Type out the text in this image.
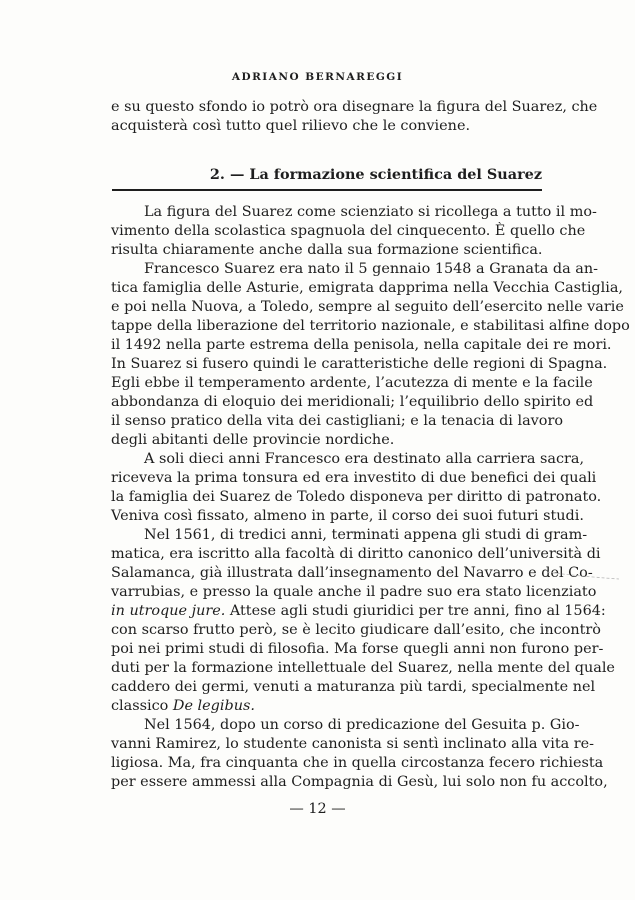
ADRIANO BERNAREGGI
e su questo sfondo io potrò ora disegnare la figura del Suarez, che
acquisterà così tutto quel rilievo che le conviene.
2. — La formazione scientifica del Suarez
La figura del Suarez come scienziato si ricollega a tutto il mo-
vimento della scolastica spagnuola del cinquecento. È quello che
risulta chiaramente anche dalla sua formazione scientifica.
Francesco Suarez era nato il 5 gennaio 1548 a Granata da an-
tica famiglia delle Asturie, emigrata dapprima nella Vecchia Castiglia,
e poi nella Nuova, a Toledo, sempre al seguito dell’esercito nelle varie
tappe della liberazione del territorio nazionale, e stabilitasi alfine dopo
il 1492 nella parte estrema della penisola, nella capitale dei re mori.
In Suarez si fusero quindi le caratteristiche delle regioni di Spagna.
Egli ebbe il temperamento ardente, l’acutezza di mente e la facile
abbondanza di eloquio dei meridionali; l’equilibrio dello spirito ed
il senso pratico della vita dei castigliani; e la tenacia di lavoro
degli abitanti delle provincie nordiche.
A soli dieci anni Francesco era destinato alla carriera sacra,
riceveva la prima tonsura ed era investito di due benefici dei quali
la famiglia dei Suarez de Toledo disponeva per diritto di patronato.
Veniva così fissato, almeno in parte, il corso dei suoi futuri studi.
Nel 1561, di tredici anni, terminati appena gli studi di gram-
matica, era iscritto alla facoltà di diritto canonico dell’università di
Salamanca, già illustrata dall’insegnamento del Navarro e del Co-
varrubias, e presso la quale anche il padre suo era stato licenziato
in utroque jure. Attese agli studi giuridici per tre anni, fino al 1564:
con scarso frutto però, se è lecito giudicare dall’esito, che incontrò
poi nei primi studi di filosofia. Ma forse quegli anni non furono per-
duti per la formazione intellettuale del Suarez, nella mente del quale
caddero dei germi, venuti a maturanza più tardi, specialmente nel
classico De legibus.
Nel 1564, dopo un corso di predicazione del Gesuita p. Gio-
vanni Ramirez, lo studente canonista si sentì inclinato alla vita re-
ligiosa. Ma, fra cinquanta che in quella circostanza fecero richiesta
per essere ammessi alla Compagnia di Gesù, lui solo non fu accolto,
— 12 —
